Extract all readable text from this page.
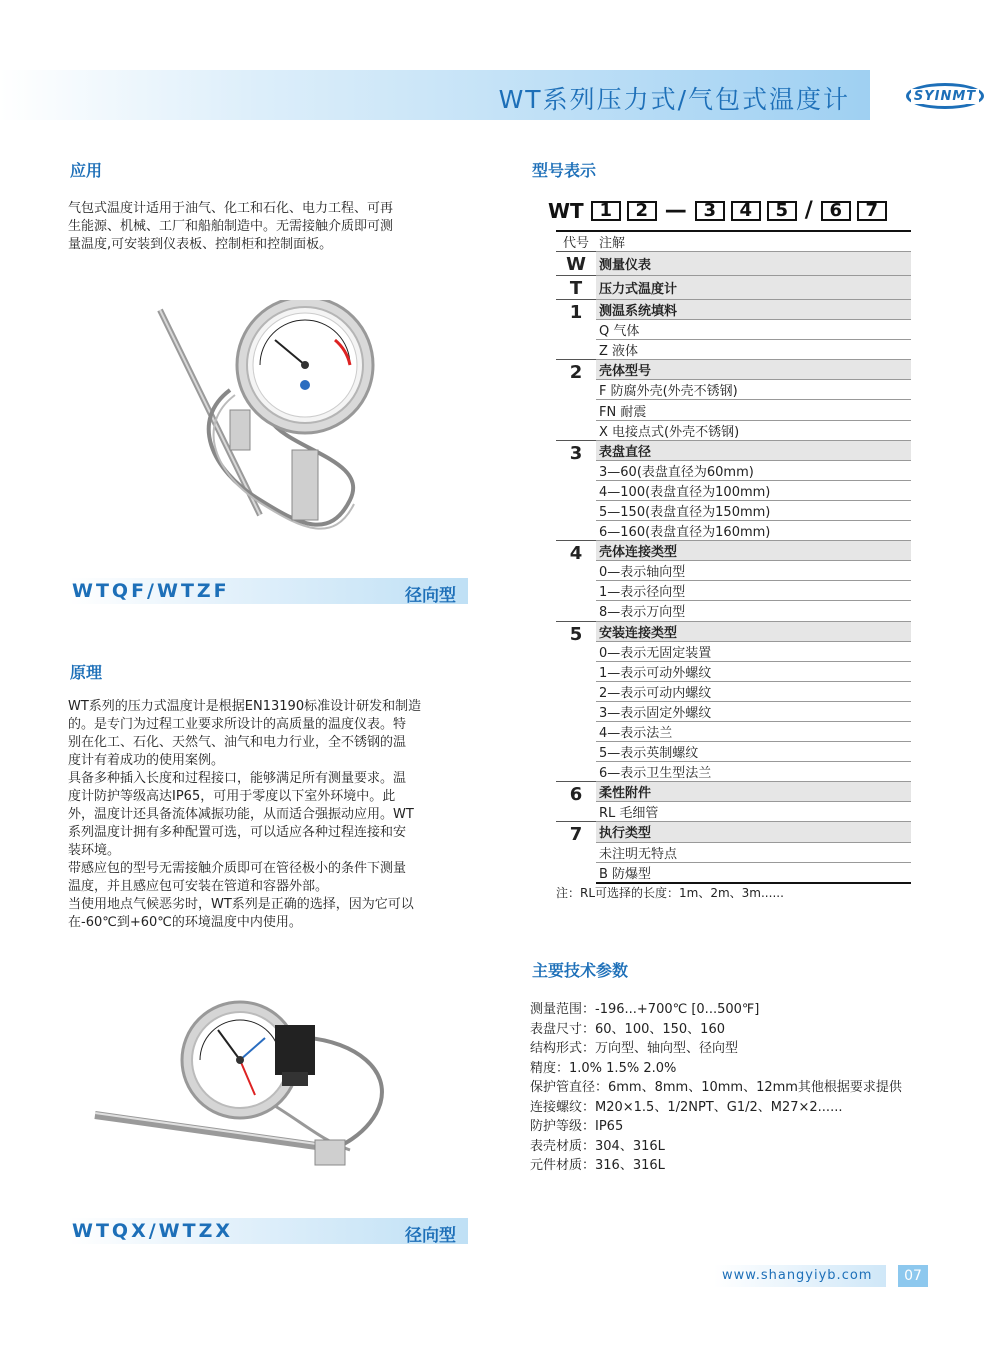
WT系列压力式/气包式温度计	SYINMT
应用
气包式温度计适用于油气、化工和石化、电力工程、可再
生能源、机械、工厂和船舶制造中。无需接触介质即可测
量温度,可安装到仪表板、控制柜和控制面板。
WTQF/WTZF	径向型
原理
WT系列的压力式温度计是根据EN13190标准设计研发和制造
的。是专门为过程工业要求所设计的高质量的温度仪表。特
别在化工、石化、天然气、油气和电力行业，全不锈钢的温
度计有着成功的使用案例。
具备多种插入长度和过程接口，能够满足所有测量要求。温
度计防护等级高达IP65，可用于零度以下室外环境中。此
外，温度计还具备流体减振功能，从而适合强振动应用。WT
系列温度计拥有多种配置可选，可以适应各种过程连接和安
装环境。
带感应包的型号无需接触介质即可在管径极小的条件下测量
温度，并且感应包可安装在管道和容器外部。
当使用地点气候恶劣时，WT系列是正确的选择，因为它可以
在-60℃到+60℃的环境温度中内使用。
WTQX/WTZX	径向型
型号表示
WT 1	2 — 3	4	5 / 6	7
代号	注解
W	测量仪表
T	压力式温度计
1	测温系统填料
	Q 气体
	Z 液体
2	壳体型号
	F 防腐外壳(外壳不锈钢)
	FN 耐震
	X 电接点式(外壳不锈钢)
3	表盘直径
	3—60(表盘直径为60mm)
	4—100(表盘直径为100mm)
	5—150(表盘直径为150mm)
	6—160(表盘直径为160mm)
4	壳体连接类型
	0—表示轴向型
	1—表示径向型
	8—表示万向型
5	安装连接类型
	0—表示无固定装置
	1—表示可动外螺纹
	2—表示可动内螺纹
	3—表示固定外螺纹
	4—表示法兰
	5—表示英制螺纹
	6—表示卫生型法兰
6	柔性附件
	RL 毛细管
7	执行类型
	未注明无特点
	B 防爆型
注：RL可选择的长度：1m、2m、3m......
主要技术参数
测量范围：-196...+700℃ [0...500℉]
表盘尺寸：60、100、150、160
结构形式：万向型、轴向型、径向型
精度：1.0% 1.5% 2.0%
保护管直径：6mm、8mm、10mm、12mm其他根据要求提供
连接螺纹：M20×1.5、1/2NPT、G1/2、M27×2......
防护等级：IP65
表壳材质：304、316L
元件材质：316、316L
www.shangyiyb.com	07
